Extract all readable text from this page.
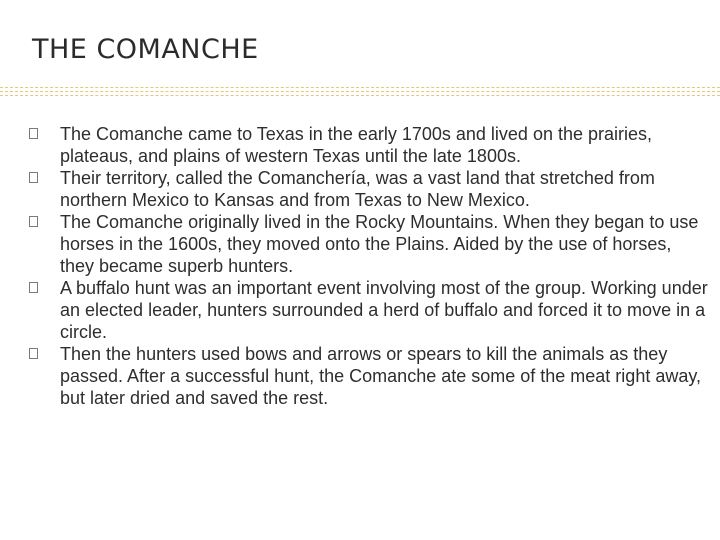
THE COMANCHE
The Comanche came to Texas in the early 1700s and lived on the prairies, plateaus, and plains of western Texas until the late 1800s.
Their territory, called the Comanchería, was a vast land that stretched from northern Mexico to Kansas and from Texas to New Mexico.
The Comanche originally lived in the Rocky Mountains. When they began to use horses in the 1600s, they moved onto the Plains. Aided by the use of horses, they became superb hunters.
A buffalo hunt was an important event involving most of the group. Working under an elected leader, hunters surrounded a herd of buffalo and forced it to move in a circle.
Then the hunters used bows and arrows or spears to kill the animals as they passed. After a successful hunt, the Comanche ate some of the meat right away, but later dried and saved the rest.
